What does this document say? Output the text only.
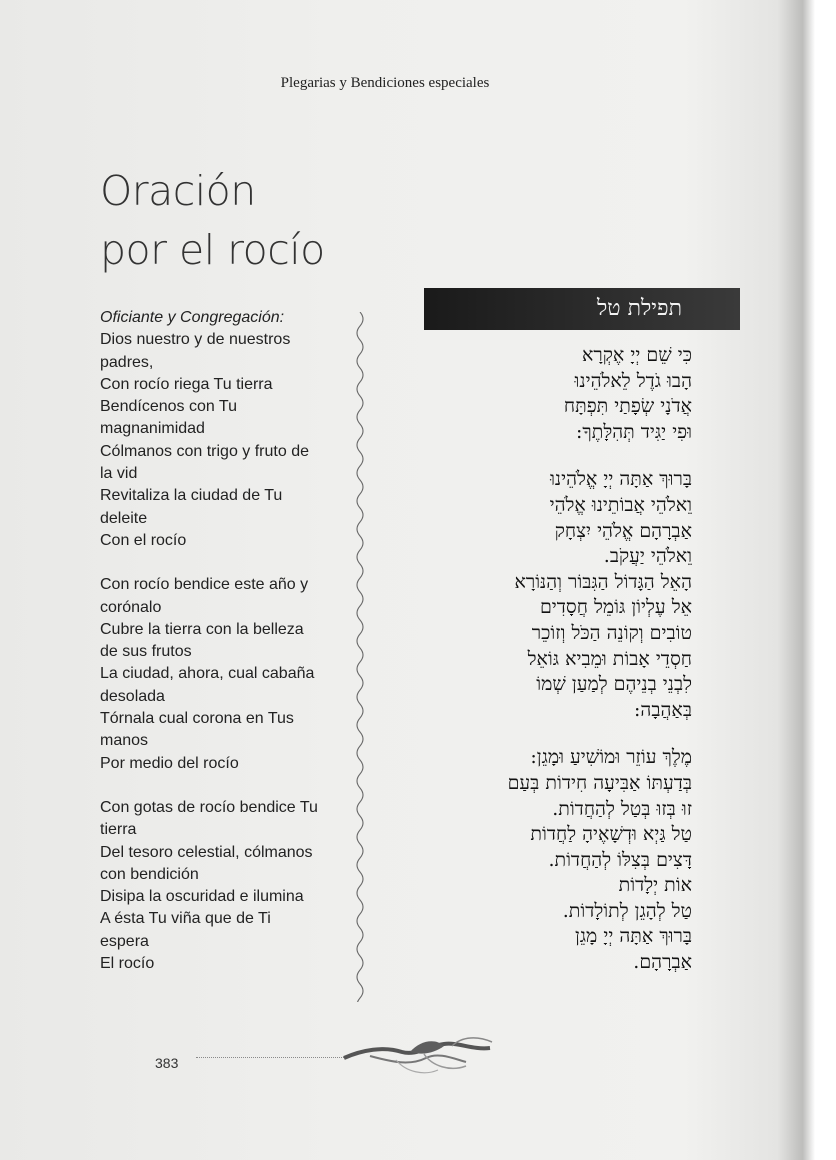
Plegarias y Bendiciones especiales
Oración
por el rocío
Oficiante y Congregación:
Dios nuestro y de nuestros
padres,
Con rocío riega Tu tierra
Bendícenos con Tu
magnanimidad
Cólmanos con trigo y fruto de
la vid
Revitaliza la ciudad de Tu
deleite
Con el rocío
Con rocío bendice este año y
corónalo
Cubre la tierra con la belleza
de sus frutos
La ciudad, ahora, cual cabaña
desolada
Tórnala cual corona en Tus
manos
Por medio del rocío
Con gotas de rocío bendice Tu
tierra
Del tesoro celestial, cólmanos
con bendición
Disipa la oscuridad e ilumina
A ésta Tu viña que de Ti
espera
El rocío
תפילת טל
כִּי שֵׁם יְיָ אֶקְרָא
הָבוּ גֹדֶל לֵאלֹהֵינוּ
אֲדֹנָי שְׂפָתַי תִּפְתָּח
וּפִי יַגִּיד תְּהִלָּתֶךָ:
בָּרוּךְ אַתָּה יְיָ אֱלֹהֵינוּ
וֵאלֹהֵי אֲבוֹתֵינוּ אֱלֹהֵי
אַבְרָהָם אֱלֹהֵי יִצְחָק
וֵאלֹהֵי יַעֲקֹב.
הָאֵל הַגָּדוֹל הַגִּבּוֹר וְהַנּוֹרָא
אֵל עֶלְיוֹן גּוֹמֵל חֲסָדִים
טוֹבִים וְקוֹנֵה הַכֹּל וְזוֹכֵר
חַסְדֵי אָבוֹת וּמֵבִיא גּוֹאֵל
לִבְנֵי בְנֵיהֶם לְמַעַן שְׁמוֹ
בְּאַהֲבָה:
מֶלֶךְ עוֹזֵר וּמוֹשִׁיעַ וּמָגֵן:
בְּדַעְתּוֹ אַבִּיעָה חִידוֹת בְּעַם
זוּ בְּזוּ בְּטַל לְהַחֲדוֹת.
טַל גַּיְא וּדְשָׁאֶיהָ לַחֲדוֹת
דָּצִים בְּצִלּוֹ לְהַחֲדוֹת.
אוֹת יְלָדוֹת
טַל לְהָגֵן לְתוֹלָדוֹת.
בָּרוּךְ אַתָּה יְיָ מָגֵן
אַבְרָהָם.
383
